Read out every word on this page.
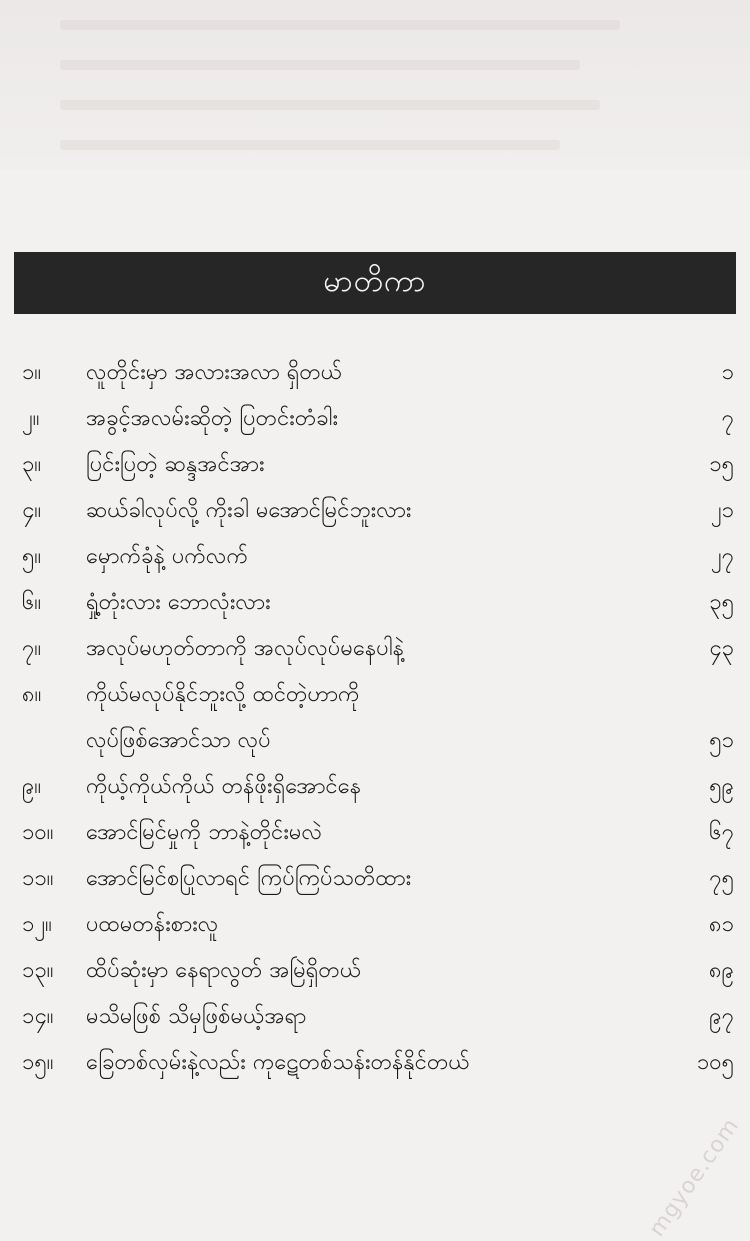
မာတိကာ
၁။	လူတိုင်းမှာ အလားအလာ ရှိတယ်	၁
၂။	အခွင့်အလမ်းဆိုတဲ့ ပြတင်းတံခါး	၇
၃။	ပြင်းပြတဲ့ ဆန္ဒအင်အား	၁၅
၄။	ဆယ်ခါလုပ်လို့ ကိုးခါ မအောင်မြင်ဘူးလား	၂၁
၅။	မှောက်ခုံနဲ့ ပက်လက်	၂၇
၆။	ရှုံ့တုံးလား ဘောလုံးလား	၃၅
၇။	အလုပ်မဟုတ်တာကို အလုပ်လုပ်မနေပါနဲ့	၄၃
၈။	ကိုယ်မလုပ်နိုင်ဘူးလို့ ထင်တဲ့ဟာကို
လုပ်ဖြစ်အောင်သာ လုပ်	၅၁
၉။	ကိုယ့်ကိုယ်ကိုယ် တန်ဖိုးရှိအောင်နေ	၅၉
၁၀။	အောင်မြင်မှုကို ဘာနဲ့တိုင်းမလဲ	၆၇
၁၁။	အောင်မြင်စပြုလာရင် ကြပ်ကြပ်သတိထား	၇၅
၁၂။	ပထမတန်းစားလူ	၈၁
၁၃။	ထိပ်ဆုံးမှာ နေရာလွတ် အမြဲရှိတယ်	၈၉
၁၄။	မသိမဖြစ် သိမှဖြစ်မယ့်အရာ	၉၇
၁၅။	ခြေတစ်လှမ်းနဲ့လည်း ကုဋေတစ်သန်းတန်နိုင်တယ်	၁၀၅
mgyoe.com
